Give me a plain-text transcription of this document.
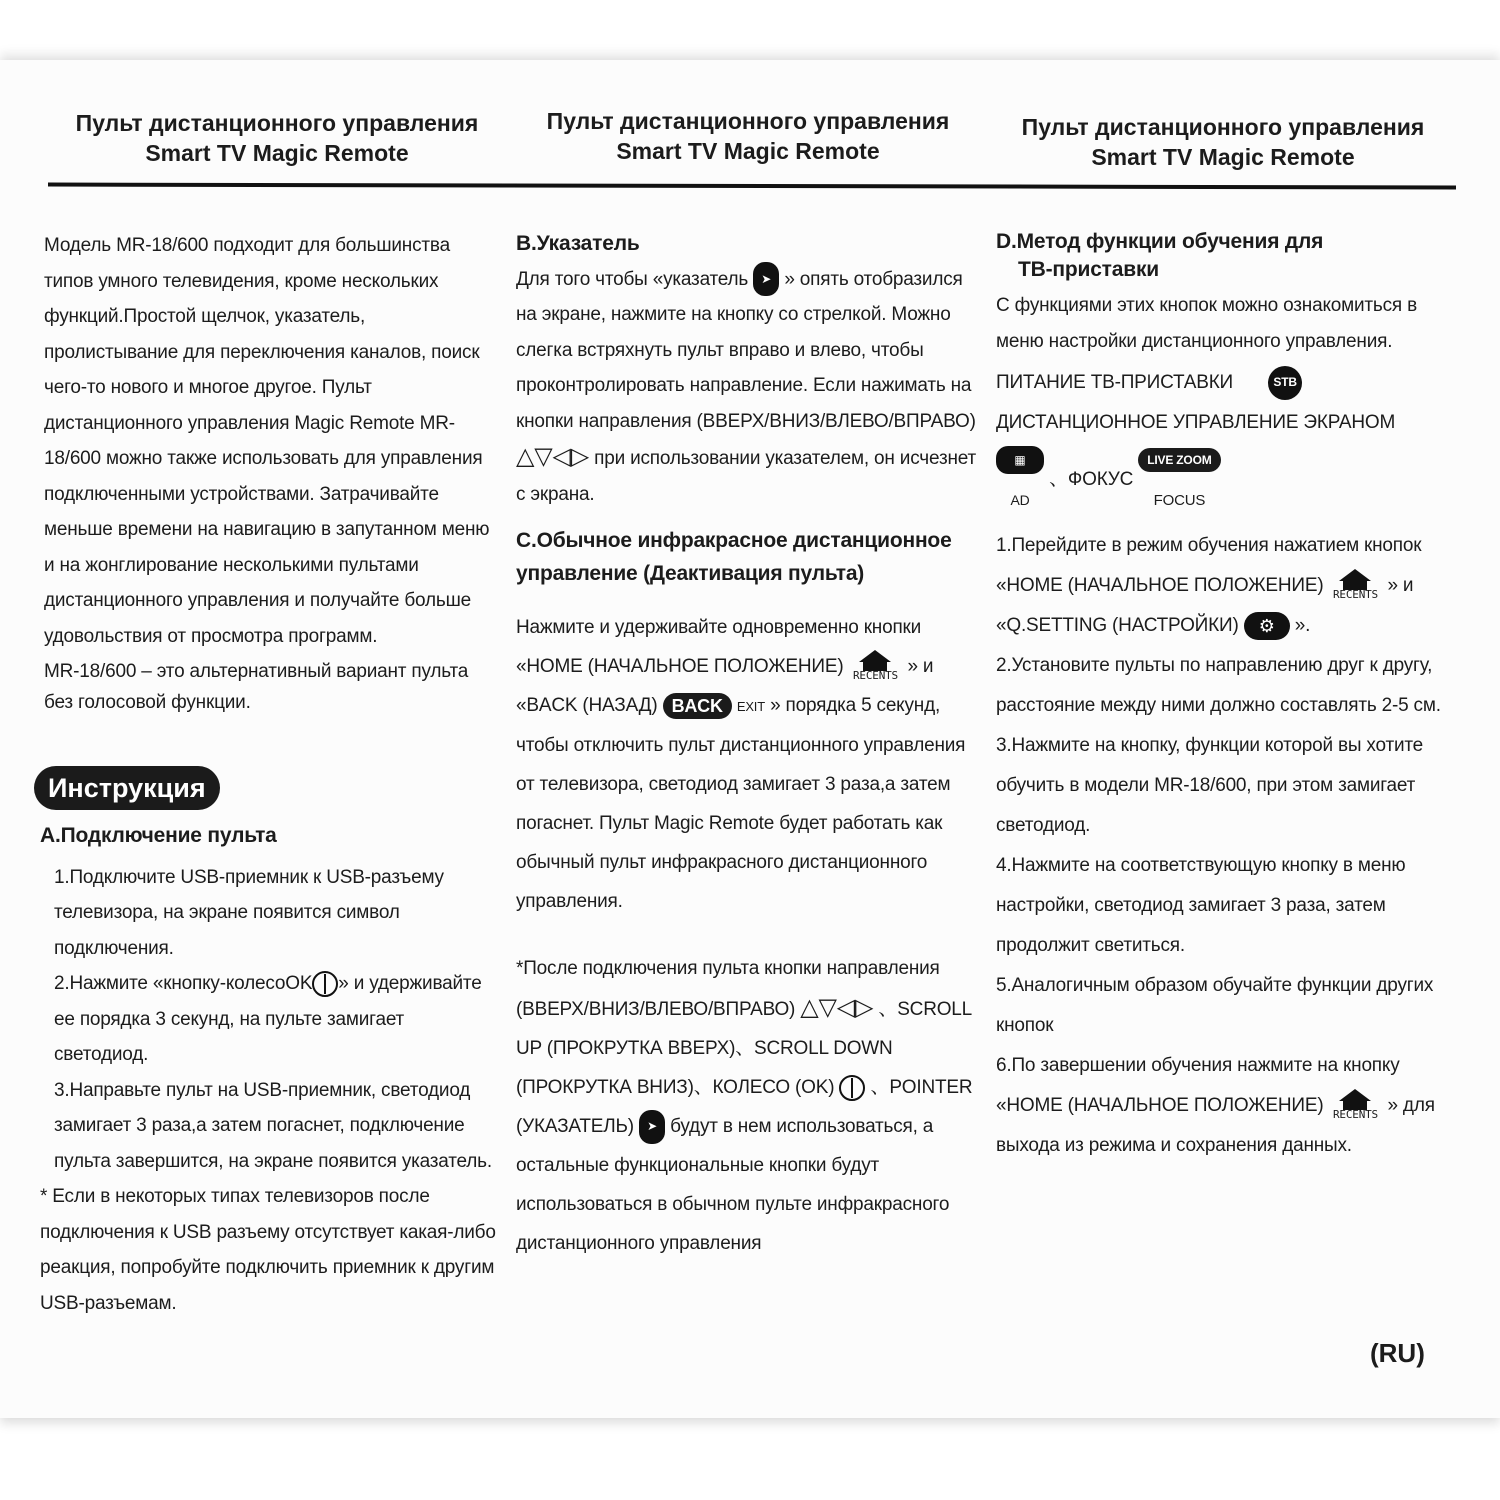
Пульт дистанционного управления
Smart TV Magic Remote
Пульт дистанционного управления
Smart TV Magic Remote
Пульт дистанционного управления
Smart TV Magic Remote

Модель MR-18/600 подходит для большинства типов умного телевидения, кроме нескольких функций.Простой щелчок, указатель, пролистывание для переключения каналов, поиск чего-то нового и многое другое. Пульт дистанционного управления Magic Remote MR-18/600 можно также использовать для управления подключенными устройствами. Затрачивайте меньше времени на навигацию в запутанном меню и на жонглирование несколькими пультами дистанционного управления и получайте больше удовольствия от просмотра программ.

MR-18/600 – это альтернативный вариант пульта без голосовой функции.

Инструкция

A.Подключение пульта

1.Подключите USB-приемник к USB-разъему телевизора, на экране появится символ подключения.

2.Нажмите «кнопку-колесоOK » и удерживайте ее порядка 3 секунд, на пульте замигает светодиод.

3.Направьте пульт на USB-приемник, светодиод замигает 3 раза,а затем погаснет, подключение пульта завершится, на экране появится указатель.

* Если в некоторых типах телевизоров после подключения к USB разъему отсутствует какая-либо реакция, попробуйте подключить приемник к другим USB-разъемам.

B.Указатель

Для того чтобы «указатель ➤ » опять отобразился на экране, нажмите на кнопку со стрелкой. Можно слегка встряхнуть пульт вправо и влево, чтобы проконтролировать направление. Если нажимать на кнопки направления (ВВЕРХ/ВНИЗ/ВЛЕВО/ВПРАВО) △▽◁▷ при использовании указателем, он исчезнет с экрана.

C.Обычное инфракрасное дистанционное управление (Деактивация пульта)

Нажмите и удерживайте одновременно кнопки «HOME (НАЧАЛЬНОЕ ПОЛОЖЕНИЕ) RECENTS » и «BACK (НАЗАД) BACK EXIT » порядка 5 секунд, чтобы отключить пульт дистанционного управления от телевизора, светодиод замигает 3 раза,а затем погаснет. Пульт Magic Remote будет работать как обычный пульт инфракрасного дистанционного управления.

*После подключения пульта кнопки направления (ВВЕРХ/ВНИЗ/ВЛЕВО/ВПРАВО) △▽◁▷ 、SCROLL UP (ПРОКРУТКА ВВЕРХ)、SCROLL DOWN (ПРОКРУТКА ВНИЗ)、КОЛЕСО (OK) 、POINTER (УКАЗАТЕЛЬ) ➤ будут в нем использоваться, а остальные функциональные кнопки будут использоваться в обычном пульте инфракрасного дистанционного управления

D.Метод функции обучения для

ТВ-приставки

С функциями этих кнопок можно ознакомиться в меню настройки дистанционного управления.

ПИТАНИЕ ТВ-ПРИСТАВКИ	STB

ДИСТАНЦИОННОЕ УПРАВЛЕНИЕ ЭКРАНОМ

▦
AD 、ФОКУС LIVE ZOOM
FOCUS

1.Перейдите в режим обучения нажатием кнопок «HOME (НАЧАЛЬНОЕ ПОЛОЖЕНИЕ) RECENTS » и «Q.SETTING (НАСТРОЙКИ) ⚙ ».

2.Установите пульты по направлению друг к другу, расстояние между ними должно составлять 2-5 см.

3.Нажмите на кнопку, функции которой вы хотите обучить в модели MR-18/600, при этом замигает светодиод.

4.Нажмите на соответствующую кнопку в меню настройки, светодиод замигает 3 раза, затем продолжит светиться.

5.Аналогичным образом обучайте функции других кнопок

6.По завершении обучения нажмите на кнопку «HOME (НАЧАЛЬНОЕ ПОЛОЖЕНИЕ) RECENTS » для выхода из режима и сохранения данных.

(RU)
